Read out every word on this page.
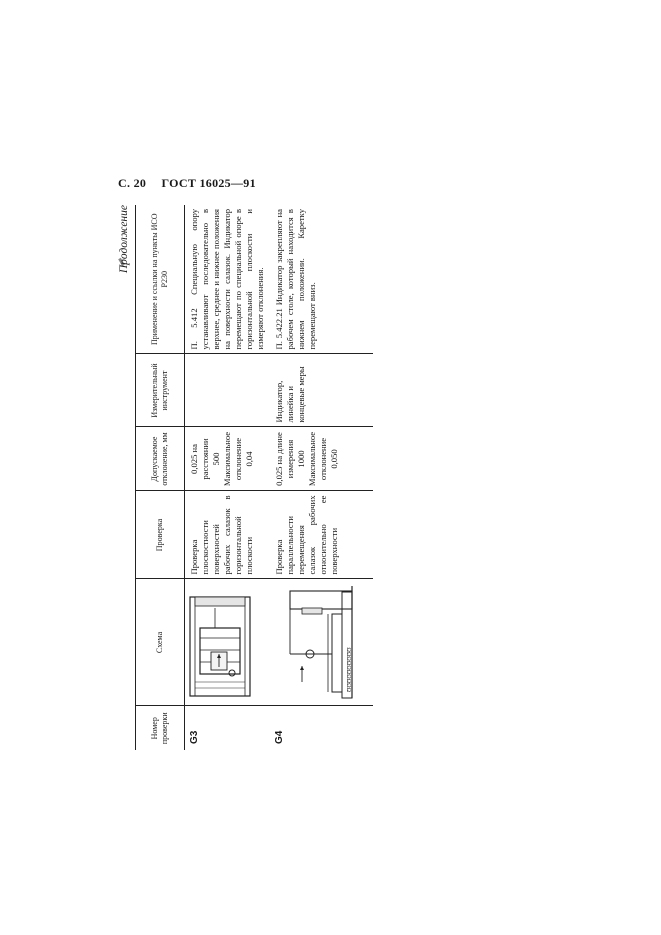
С. 20 ГОСТ 16025—91
Продолжение
Номер проверки	Схема	Проверка	Допускаемое отклонение, мм	Измерительный инструмент	Применение и ссылки на пункты ИСО Р230
G3		Проверка плоскостности поверхностей рабочих салазок в горизонтальной плоскости	0,025 на расстоянии 500 Максимальное отклонение 0,04		П. 5.412 Специальную опору устанавливают последовательно в верхнее, среднее и нижнее положения на поверхности салазок. Индикатор перемещают по специальной опоре в горизонтальной плоскости и измеряют отклонения.
G4	ƱƱƱƱƱƱƱƱƱƱ	Проверка параллельности перемещения салазок рабочих относительно ее поверхности	0,025 на длине измерения 1000 Максимальное отклонение 0,050	Индикатор, линейка и концевые меры	П. 5.422.21 Индикатор закрепляют на рабочем столе, который находится в нижнем положении. Каретку перемещают вниз.
